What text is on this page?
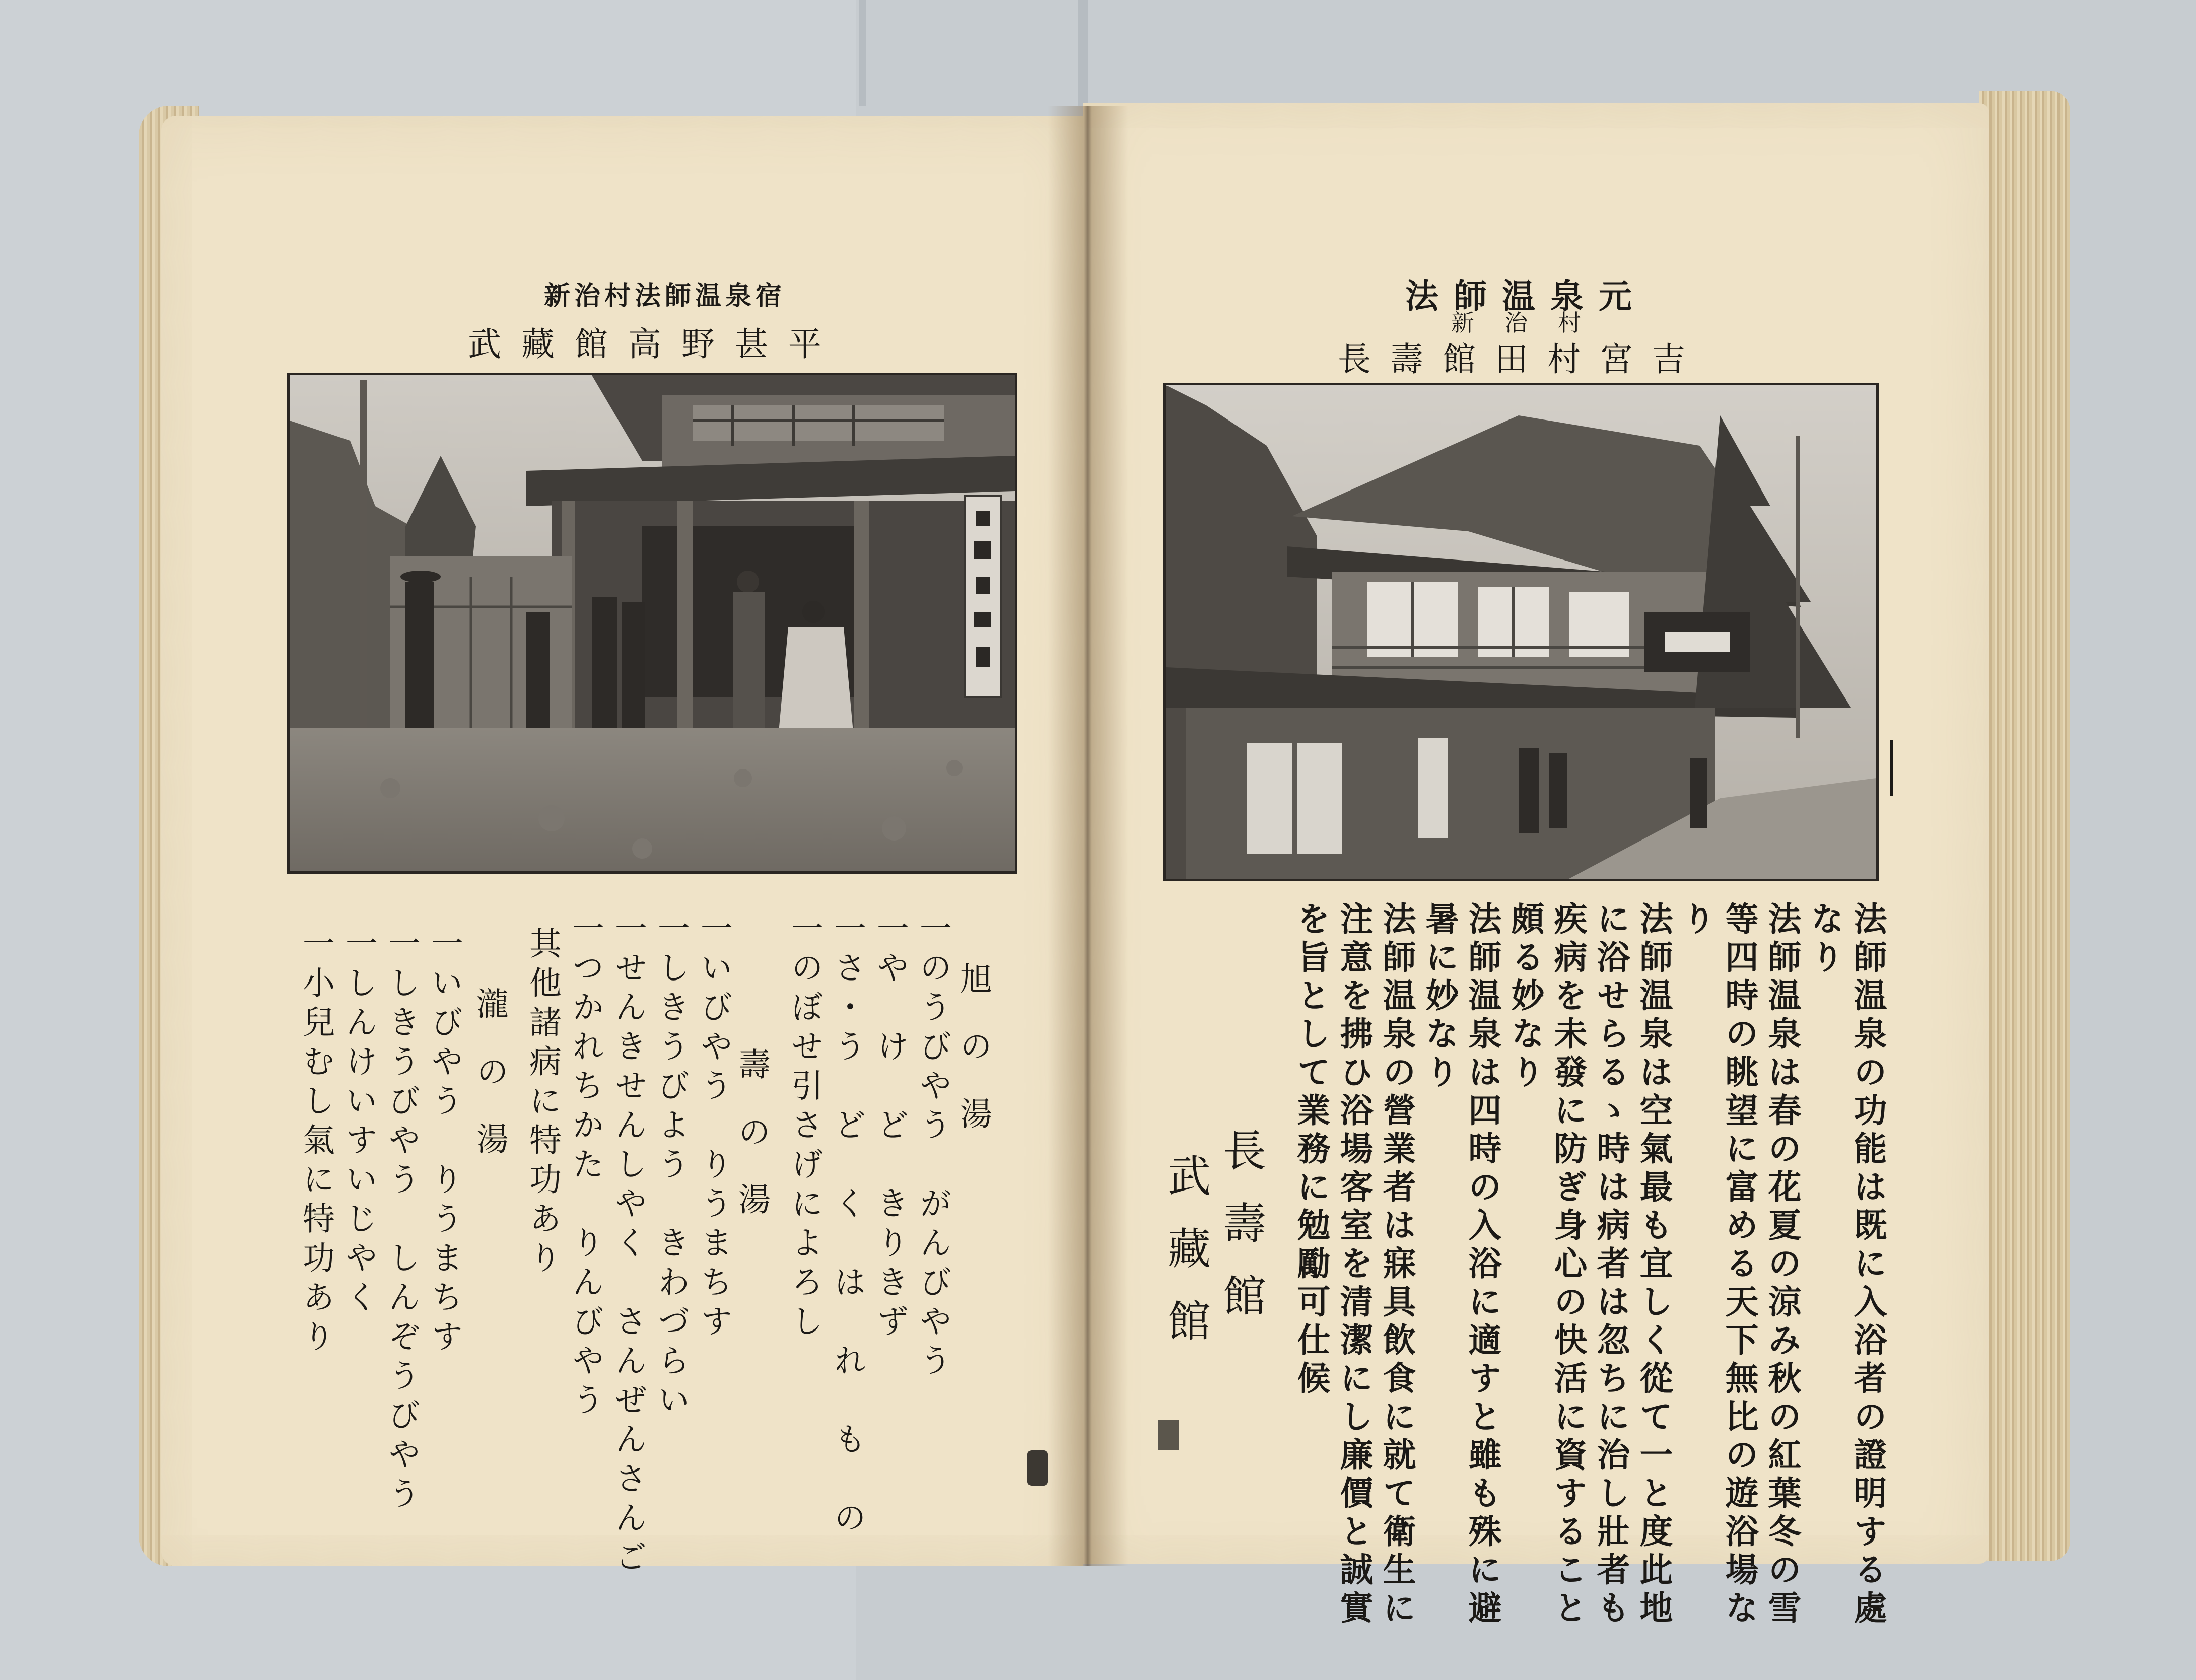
新治村法師温泉宿
武藏館高野甚平
旭の湯
一のうびやう　がんびやう
一や　け　ど　きりきず
一さ・う　ど　く　は　れ　も　の
一のぼせ引さげによろし
壽の湯
一いびやう　りうまちす
一しきうびよう　きわづらい
一せんきせんしやく　さんぜんさんご
一つかれちかた　りんびやう
其他諸病に特功あり
瀧の湯
一いびやう　りうまちす
一しきうびやう　しんぞうびやう
一しんけいすいじやく
一小兒むし氣に特功あり
法師温泉元
新治村
長壽館田村宮吉
法師温泉の功能は既に入浴者の證明する處
なり
法師温泉は春の花夏の涼み秋の紅葉冬の雪
等四時の眺望に富める天下無比の遊浴場な
り
法師温泉は空氣最も宜しく從て一と度此地
に浴せらるゝ時は病者は忽ちに治し壯者も
疾病を未發に防ぎ身心の快活に資すること
頗る妙なり
法師温泉は四時の入浴に適すと雖も殊に避
暑に妙なり
法師温泉の營業者は寐具飲食に就て衛生に
注意を拂ひ浴場客室を清潔にし廉價と誠實
を旨として業務に勉勵可仕候
長壽館
武藏館
